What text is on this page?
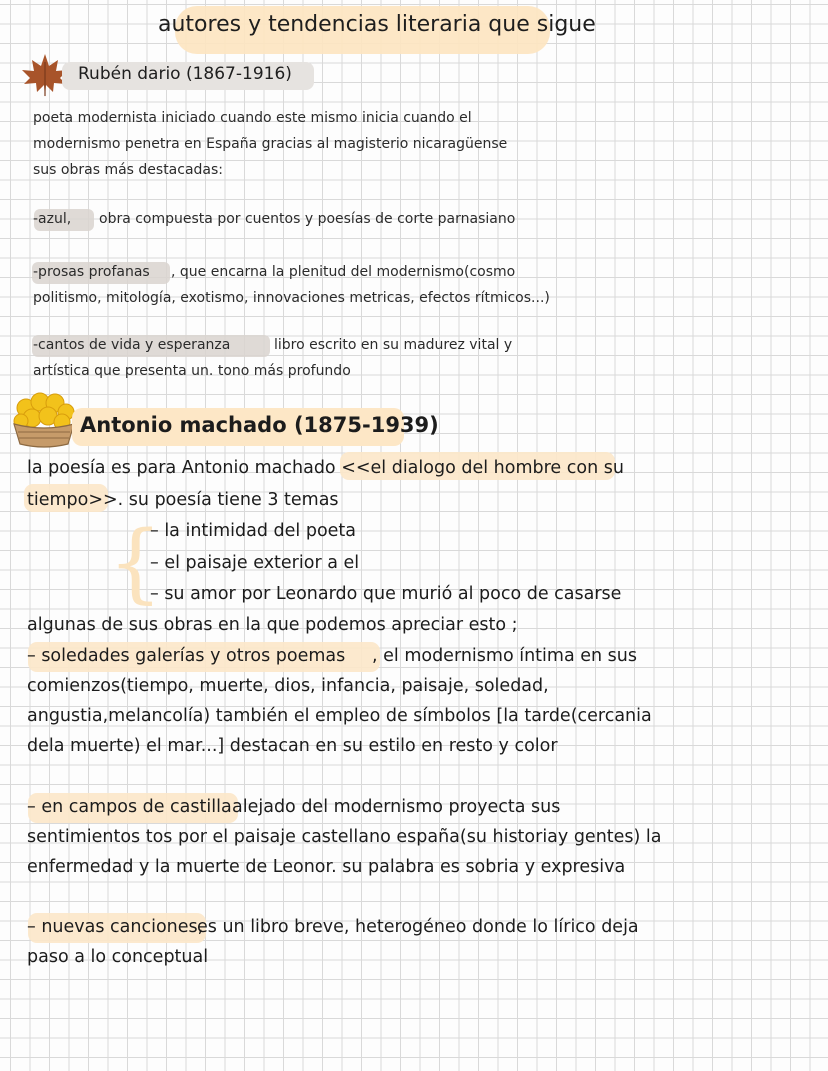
autores y tendencias literaria que sigue
Rubén dario (1867-1916)
poeta modernista iniciado cuando este mismo inicia cuando el
modernismo penetra en España gracias al magisterio nicaragüense
sus obras más destacadas:
-azul, obra compuesta por cuentos y poesías de corte parnasiano
-prosas profanas , que encarna la plenitud del modernismo(cosmo
politismo, mitología, exotismo, innovaciones metricas, efectos rítmicos...)
-cantos de vida y esperanza	libro escrito en su madurez vital y
artística que presenta un. tono más profundo
Antonio machado (1875-1939)
la poesía es para Antonio machado <<el dialogo del hombre con su
tiempo>>. su poesía tiene 3 temas
{
– la intimidad del poeta
– el paisaje exterior a el
– su amor por Leonardo que murió al poco de casarse
algunas de sus obras en la que podemos apreciar esto ;
– soledades galerías y otros poemas , el modernismo íntima en sus
comienzos(tiempo, muerte, dios, infancia, paisaje, soledad,
angustia,melancolía) también el empleo de símbolos [la tarde(cercania
dela muerte) el mar...] destacan en su estilo en resto y color
– en campos de castilla alejado del modernismo proyecta sus
sentimientos tos por el paisaje castellano españa(su historiay gentes) la
enfermedad y la muerte de Leonor. su palabra es sobria y expresiva
– nuevas canciones,
es un libro breve, heterogéneo donde lo lírico deja
paso a lo conceptual
